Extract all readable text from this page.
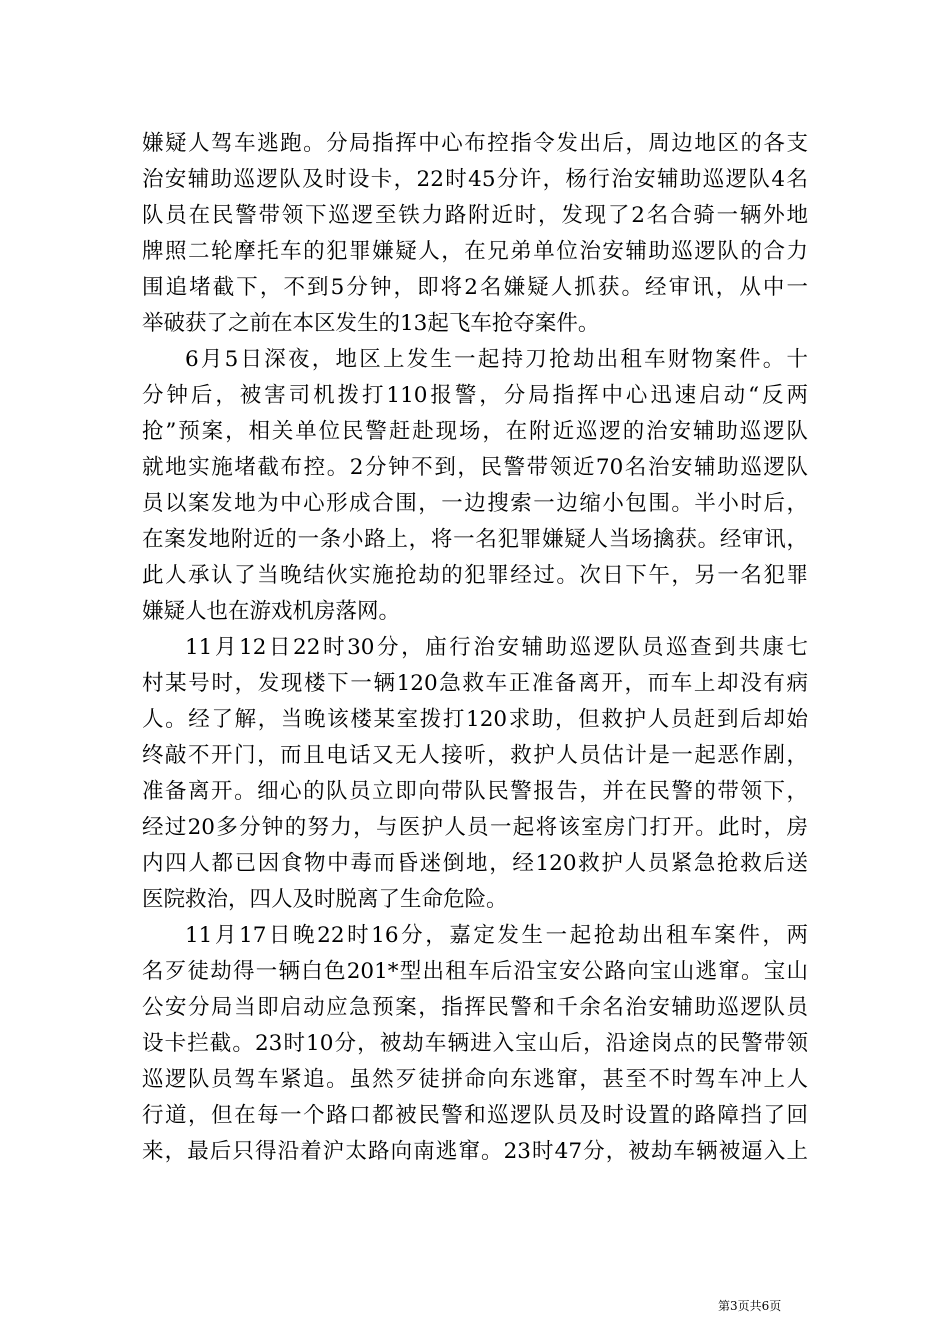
嫌疑人驾车逃跑。分局指挥中心布控指令发出后，周边地区的各支
治安辅助巡逻队及时设卡，22时45分许，杨行治安辅助巡逻队4名
队员在民警带领下巡逻至铁力路附近时，发现了2名合骑一辆外地
牌照二轮摩托车的犯罪嫌疑人，在兄弟单位治安辅助巡逻队的合力
围追堵截下，不到5分钟，即将2名嫌疑人抓获。经审讯，从中一
举破获了之前在本区发生的13起飞车抢夺案件。
6月5日深夜，地区上发生一起持刀抢劫出租车财物案件。十
分钟后，被害司机拨打110报警，分局指挥中心迅速启动“反两
抢”预案，相关单位民警赶赴现场，在附近巡逻的治安辅助巡逻队
就地实施堵截布控。2分钟不到，民警带领近70名治安辅助巡逻队
员以案发地为中心形成合围，一边搜索一边缩小包围。半小时后，
在案发地附近的一条小路上，将一名犯罪嫌疑人当场擒获。经审讯，
此人承认了当晚结伙实施抢劫的犯罪经过。次日下午，另一名犯罪
嫌疑人也在游戏机房落网。
11月12日22时30分，庙行治安辅助巡逻队员巡查到共康七
村某号时，发现楼下一辆120急救车正准备离开，而车上却没有病
人。经了解，当晚该楼某室拨打120求助，但救护人员赶到后却始
终敲不开门，而且电话又无人接听，救护人员估计是一起恶作剧，
准备离开。细心的队员立即向带队民警报告，并在民警的带领下，
经过20多分钟的努力，与医护人员一起将该室房门打开。此时，房
内四人都已因食物中毒而昏迷倒地，经120救护人员紧急抢救后送
医院救治，四人及时脱离了生命危险。
11月17日晚22时16分，嘉定发生一起抢劫出租车案件，两
名歹徒劫得一辆白色201*型出租车后沿宝安公路向宝山逃窜。宝山
公安分局当即启动应急预案，指挥民警和千余名治安辅助巡逻队员
设卡拦截。23时10分，被劫车辆进入宝山后，沿途岗点的民警带领
巡逻队员驾车紧追。虽然歹徒拼命向东逃窜，甚至不时驾车冲上人
行道，但在每一个路口都被民警和巡逻队员及时设置的路障挡了回
来，最后只得沿着沪太路向南逃窜。23时47分，被劫车辆被逼入上
第3页共6页
